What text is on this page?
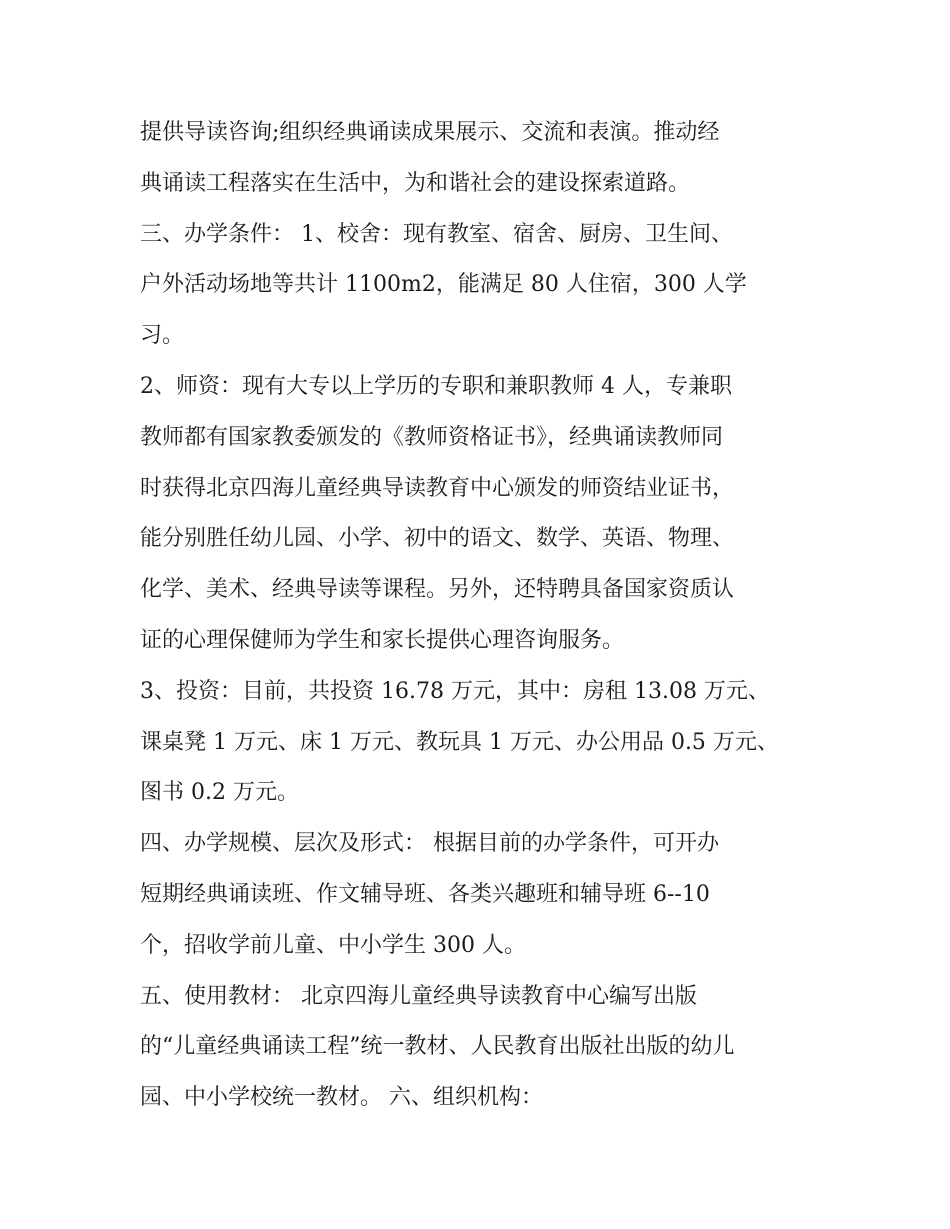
提供导读咨询;组织经典诵读成果展示、交流和表演。推动经
典诵读工程落实在生活中，为和谐社会的建设探索道路。
三、办学条件： 1、校舍：现有教室、宿舍、厨房、卫生间、
户外活动场地等共计 1100m2，能满足 80 人住宿，300 人学
习。
2、师资：现有大专以上学历的专职和兼职教师 4 人，专兼职
教师都有国家教委颁发的《教师资格证书》，经典诵读教师同
时获得北京四海儿童经典导读教育中心颁发的师资结业证书，
能分别胜任幼儿园、小学、初中的语文、数学、英语、物理、
化学、美术、经典导读等课程。另外，还特聘具备国家资质认
证的心理保健师为学生和家长提供心理咨询服务。
3、投资：目前，共投资 16.78 万元，其中：房租 13.08 万元、
课桌凳 1 万元、床 1 万元、教玩具 1 万元、办公用品 0.5 万元、
图书 0.2 万元。
四、办学规模、层次及形式： 根据目前的办学条件，可开办
短期经典诵读班、作文辅导班、各类兴趣班和辅导班 6--10
个，招收学前儿童、中小学生 300 人。
五、使用教材： 北京四海儿童经典导读教育中心编写出版
的“儿童经典诵读工程”统一教材、人民教育出版社出版的幼儿
园、中小学校统一教材。 六、组织机构：
